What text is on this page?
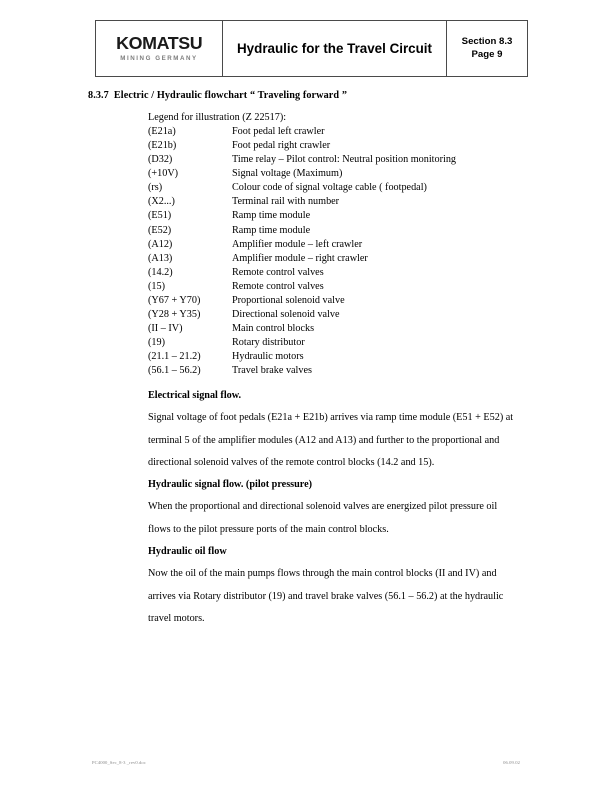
KOMATSU
MINING GERMANY
Hydraulic for the Travel Circuit	Section 8.3
Page 9
8.3.7 Electric / Hydraulic flowchart “ Traveling forward ”
Legend for illustration (Z 22517):
(E21a)	Foot pedal left crawler
(E21b)	Foot pedal right crawler
(D32)	Time relay – Pilot control: Neutral position monitoring
(+10V)	Signal voltage (Maximum)
(rs)	Colour code of signal voltage cable ( footpedal)
(X2...)	Terminal rail with number
(E51)	Ramp time module
(E52)	Ramp time module
(A12)	Amplifier module – left crawler
(A13)	Amplifier module – right crawler
(14.2)	Remote control valves
(15)	Remote control valves
(Y67 + Y70)	Proportional solenoid valve
(Y28 + Y35)	Directional solenoid valve
(II – IV)	Main control blocks
(19)	Rotary distributor
(21.1 – 21.2)	Hydraulic motors
(56.1 – 56.2)	Travel brake valves
Electrical signal flow.
Signal voltage of foot pedals (E21a + E21b) arrives via ramp time module (E51 + E52) at terminal 5 of the amplifier modules (A12 and A13) and further to the proportional and directional solenoid valves of the remote control blocks (14.2 and 15).
Hydraulic signal flow. (pilot pressure)
When the proportional and directional solenoid valves are energized pilot pressure oil flows to the pilot pressure ports of the main control blocks.
Hydraulic oil flow
Now the oil of the main pumps flows through the main control blocks (II and IV) and arrives via Rotary distributor (19) and travel brake valves (56.1 – 56.2) at the hydraulic travel motors.
PC4000_Sec_8-3 _rev0.doc	06.09.02
